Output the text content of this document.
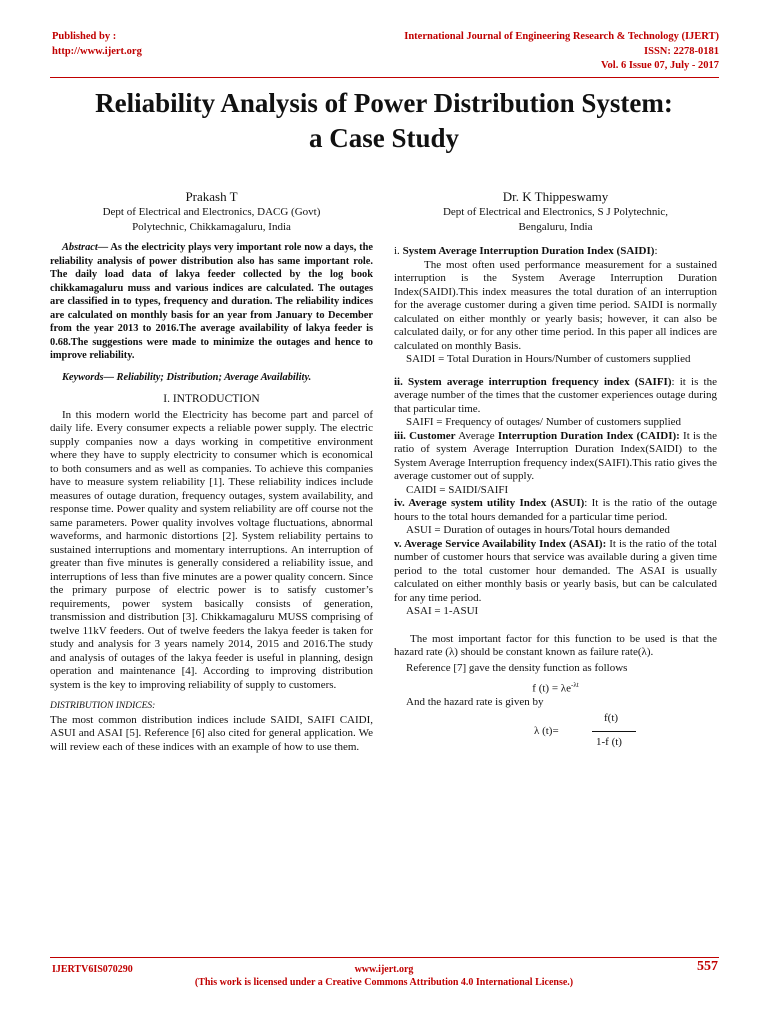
Published by :
http://www.ijert.org
International Journal of Engineering Research & Technology (IJERT)
ISSN: 2278-0181
Vol. 6 Issue 07, July - 2017
Reliability Analysis of Power Distribution System:
a Case Study
Prakash T
Dept of Electrical and Electronics, DACG (Govt)
Polytechnic, Chikkamagaluru, India
Dr. K Thippeswamy
Dept of Electrical and Electronics, S J Polytechnic,
Bengaluru, India

Abstract— As the electricity plays very important role now a days, the reliability analysis of power distribution also has same important role. The daily load data of lakya feeder collected by the log book chikkamagaluru muss and various indices are calculated. The outages are classified in to types, frequency and duration. The reliability indices are calculated on monthly basis for an year from January to December from the year 2013 to 2016.The average availability of lakya feeder is 0.68.The suggestions were made to minimize the outages and hence to improve reliability.

Keywords— Reliability; Distribution; Average Availability.

I. INTRODUCTION

In this modern world the Electricity has become part and parcel of daily life. Every consumer expects a reliable power supply. The electric supply companies now a days working in competitive environment where they have to supply electricity to consumer which is economical to both consumers and as well as companies. To achieve this companies have to measure system reliability [1]. These reliability indices include measures of outage duration, frequency outages, system availability, and response time. Power quality and system reliability are off course not the same parameters. Power quality involves voltage fluctuations, abnormal waveforms, and harmonic distortions [2]. System reliability pertains to sustained interruptions and momentary interruptions. An interruption of greater than five minutes is generally considered a reliability issue, and interruptions of less than five minutes are a power quality concern. Since the primary purpose of electric power is to satisfy customer’s requirements, power system basically consists of generation, transmission and distribution [3]. Chikkamagaluru MUSS comprising of twelve 11kV feeders. Out of twelve feeders the lakya feeder is taken for study and analysis for 3 years namely 2014, 2015 and 2016.The study and analysis of outages of the lakya feeder is useful in planning, design operation and maintenance [4]. According to improving distribution system is the key to improving reliability of supply to customers.

DISTRIBUTION INDICES:

The most common distribution indices include SAIDI, SAIFI CAIDI, ASUI and ASAI [5]. Reference [6] also cited for general application. We will review each of these indices with an example of how to use them.

i. System Average Interruption Duration Index (SAIDI):

The most often used performance measurement for a sustained interruption is the System Average Interruption Duration Index(SAIDI).This index measures the total duration of an interruption for the average customer during a given time period. SAIDI is normally calculated on either monthly or yearly basis; however, it can also be calculated daily, or for any other time period. In this paper all indices are calculated on monthly Basis.

SAIDI = Total Duration in Hours/Number of customers supplied

ii. System average interruption frequency index (SAIFI): it is the average number of the times that the customer experiences outage during that particular time.

SAIFI = Frequency of outages/ Number of customers supplied

iii. Customer Average Interruption Duration Index (CAIDI): It is the ratio of system Average Interruption Duration Index(SAIDI) to the System Average Interruption frequency index(SAIFI).This ratio gives the average customer out of supply.

CAIDI = SAIDI/SAIFI

iv. Average system utility Index (ASUI): It is the ratio of the outage hours to the total hours demanded for a particular time period.

ASUI = Duration of outages in hours/Total hours demanded

v. Average Service Availability Index (ASAI): It is the ratio of the total number of customer hours that service was available during a given time period to the total customer hour demanded. The ASAI is usually calculated on either monthly basis or yearly basis, but can be calculated for any time period.

ASAI = 1-ASUI

The most important factor for this function to be used is that the hazard rate (λ) should be constant known as failure rate(λ).

Reference [7] gave the density function as follows

f $(t) = \lambda e^{-\lambda t}$

And the hazard rate is given by

λ (t)=
f(t)
1-f (t)
IJERTV6IS070290	www.ijert.org
(This work is licensed under a Creative Commons Attribution 4.0 International License.)
557
